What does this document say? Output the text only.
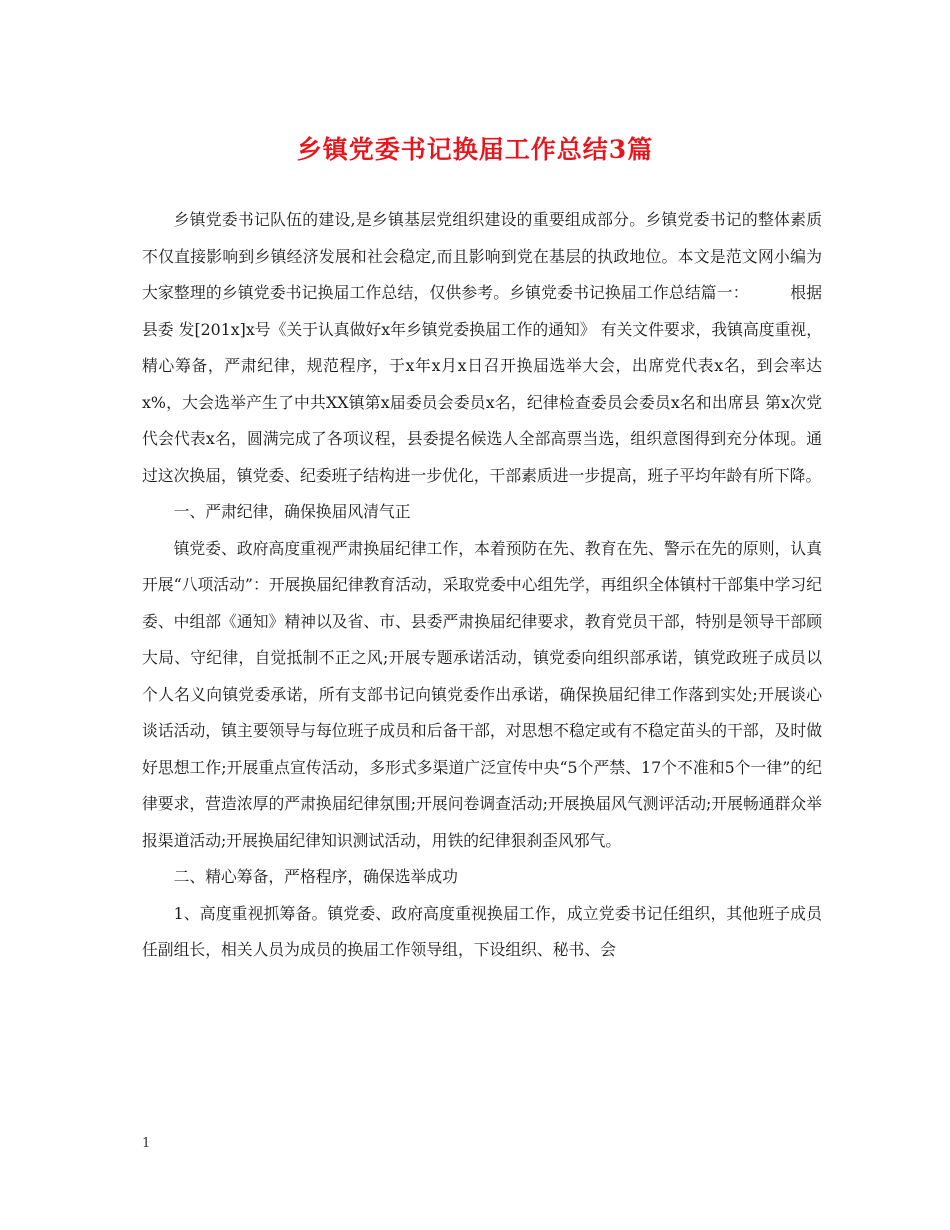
乡镇党委书记换届工作总结3篇

乡镇党委书记队伍的建设,是乡镇基层党组织建设的重要组成部分。乡镇党委书记的整体素质不仅直接影响到乡镇经济发展和社会稳定,而且影响到党在基层的执政地位。本文是范文网小编为大家整理的乡镇党委书记换届工作总结，仅供参考。乡镇党委书记换届工作总结篇一：        根据县委 发[201x]x号《关于认真做好x年乡镇党委换届工作的通知》 有关文件要求，我镇高度重视，精心筹备，严肃纪律，规范程序，于x年x月x日召开换届选举大会，出席党代表x名，到会率达x%，大会选举产生了中共XX镇第x届委员会委员x名，纪律检查委员会委员x名和出席县 第x次党代会代表x名，圆满完成了各项议程，县委提名候选人全部高票当选，组织意图得到充分体现。通过这次换届，镇党委、纪委班子结构进一步优化，干部素质进一步提高，班子平均年龄有所下降。

一、严肃纪律，确保换届风清气正

镇党委、政府高度重视严肃换届纪律工作，本着预防在先、教育在先、警示在先的原则，认真开展“八项活动”：开展换届纪律教育活动，采取党委中心组先学，再组织全体镇村干部集中学习纪委、中组部《通知》精神以及省、市、县委严肃换届纪律要求，教育党员干部，特别是领导干部顾大局、守纪律，自觉抵制不正之风;开展专题承诺活动，镇党委向组织部承诺，镇党政班子成员以个人名义向镇党委承诺，所有支部书记向镇党委作出承诺，确保换届纪律工作落到实处;开展谈心谈话活动，镇主要领导与每位班子成员和后备干部，对思想不稳定或有不稳定苗头的干部，及时做好思想工作;开展重点宣传活动，多形式多渠道广泛宣传中央“5个严禁、17个不准和5个一律”的纪律要求，营造浓厚的严肃换届纪律氛围;开展问卷调查活动;开展换届风气测评活动;开展畅通群众举报渠道活动;开展换届纪律知识测试活动，用铁的纪律狠刹歪风邪气。

二、精心筹备，严格程序，确保选举成功

1、高度重视抓筹备。镇党委、政府高度重视换届工作，成立党委书记任组织，其他班子成员任副组长，相关人员为成员的换届工作领导组，下设组织、秘书、会

1
